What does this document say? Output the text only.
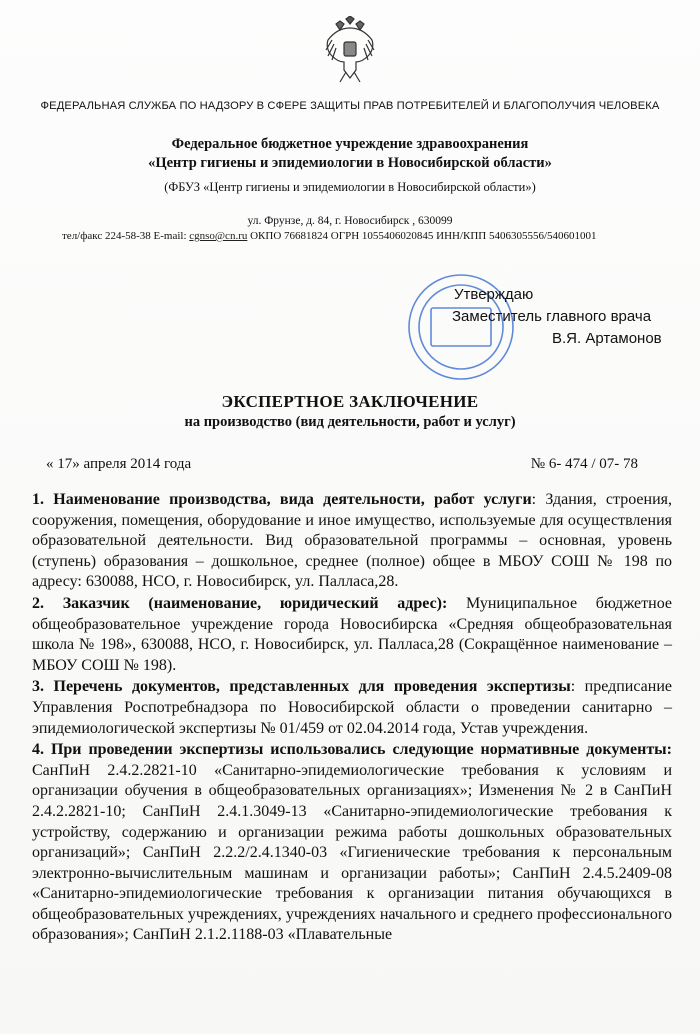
ФЕДЕРАЛЬНАЯ СЛУЖБА ПО НАДЗОРУ В СФЕРЕ ЗАЩИТЫ ПРАВ ПОТРЕБИТЕЛЕЙ И БЛАГОПОЛУЧИЯ ЧЕЛОВЕКА
Федеральное бюджетное учреждение здравоохранения
«Центр гигиены и эпидемиологии в Новосибирской области»
(ФБУЗ «Центр гигиены и эпидемиологии в Новосибирской области»)
ул. Фрунзе, д. 84, г. Новосибирск , 630099
тел/факс 224-58-38 E-mail: cgnso@cn.ru ОКПО 76681824 ОГРН 1055406020845 ИНН/КПП 5406305556/540601001
Утверждаю
Заместитель главного врача
В.Я. Артамонов
ЭКСПЕРТНОЕ ЗАКЛЮЧЕНИЕ
на производство (вид деятельности, работ и услуг)
« 17» апреля 2014 года	№ 6- 474 / 07- 78

1. Наименование производства, вида деятельности, работ услуги: Здания, строения, сооружения, помещения, оборудование и иное имущество, используемые для осуществления образовательной деятельности. Вид образовательной программы – основная, уровень (ступень) образования – дошкольное, среднее (полное) общее в МБОУ СОШ № 198 по адресу: 630088, НСО, г. Новосибирск, ул. Паллаcа,28.

2. Заказчик (наименование, юридический адрес): Муниципальное бюджетное общеобразовательное учреждение города Новосибирска «Средняя общеобразовательная школа № 198», 630088, НСО, г. Новосибирск, ул. Паллаcа,28 (Сокращённое наименование – МБОУ СОШ № 198).

3. Перечень документов, представленных для проведения экспертизы: предписание Управления Роспотребнадзора по Новосибирской области о проведении санитарно – эпидемиологической экспертизы № 01/459 от 02.04.2014 года, Устав учреждения.

4. При проведении экспертизы использовались следующие нормативные документы: СанПиН 2.4.2.2821-10 «Санитарно-эпидемиологические требования к условиям и организации обучения в общеобразовательных организациях»; Изменения № 2 в СанПиН 2.4.2.2821-10; СанПиН 2.4.1.3049-13 «Санитарно-эпидемиологические требования к устройству, содержанию и организации режима работы дошкольных образовательных организаций»; СанПиН 2.2.2/2.4.1340-03 «Гигиенические требования к персональным электронно-вычислительным машинам и организации работы»; СанПиН 2.4.5.2409-08 «Санитарно-эпидемиологические требования к организации питания обучающихся в общеобразовательных учреждениях, учреждениях начального и среднего профессионального образования»; СанПиН 2.1.2.1188-03 «Плавательные
